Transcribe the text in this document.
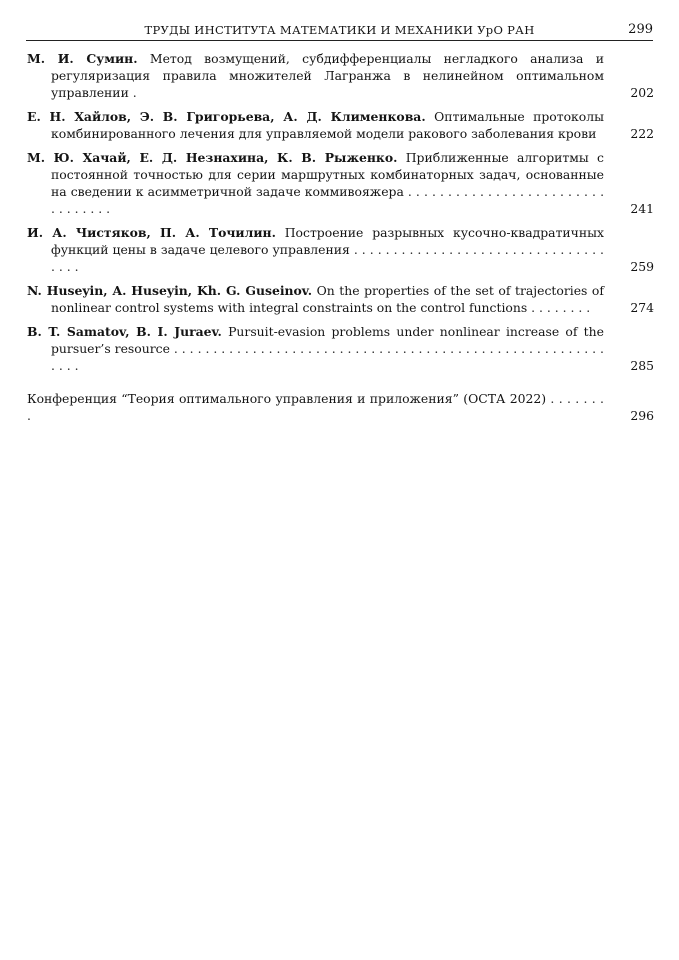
ТРУДЫ ИНСТИТУТА МАТЕМАТИКИ И МЕХАНИКИ УрО РАН	299
М. И. Сумин. Метод возмущений, субдифференциалы негладкого анализа и регуляризация правила множителей Лагранжа в нелинейном оптимальном управлении .	202
Е. Н. Хайлов, Э. В. Григорьева, А. Д. Клименкова. Оптимальные протоколы комбинированного лечения для управляемой модели ракового заболевания крови	222
М. Ю. Хачай, Е. Д. Незнахина, К. В. Рыженко. Приближенные алгоритмы с постоянной точностью для серии маршрутных комбинаторных задач, основанные на сведении к асимметричной задаче коммивояжера . . . . . . . . . . . . . . . . . . . . . . . . . . . . . . . . .	241
И. А. Чистяков, П. А. Точилин. Построение разрывных кусочно-квадратичных функций цены в задаче целевого управления . . . . . . . . . . . . . . . . . . . . . . . . . . . . . . . . . . . .	259
N. Huseyin, A. Huseyin, Kh. G. Guseinov. On the properties of the set of trajectories of nonlinear control systems with integral constraints on the control functions . . . . . . . .	274
B. T. Samatov, B. I. Juraev. Pursuit-evasion problems under nonlinear increase of the pursuer’s resource . . . . . . . . . . . . . . . . . . . . . . . . . . . . . . . . . . . . . . . . . . . . . . . . . . . . . . . . . . .	285
Конференция “Теория оптимального управления и приложения” (ОСТА 2022) . . . . . . . .	296
